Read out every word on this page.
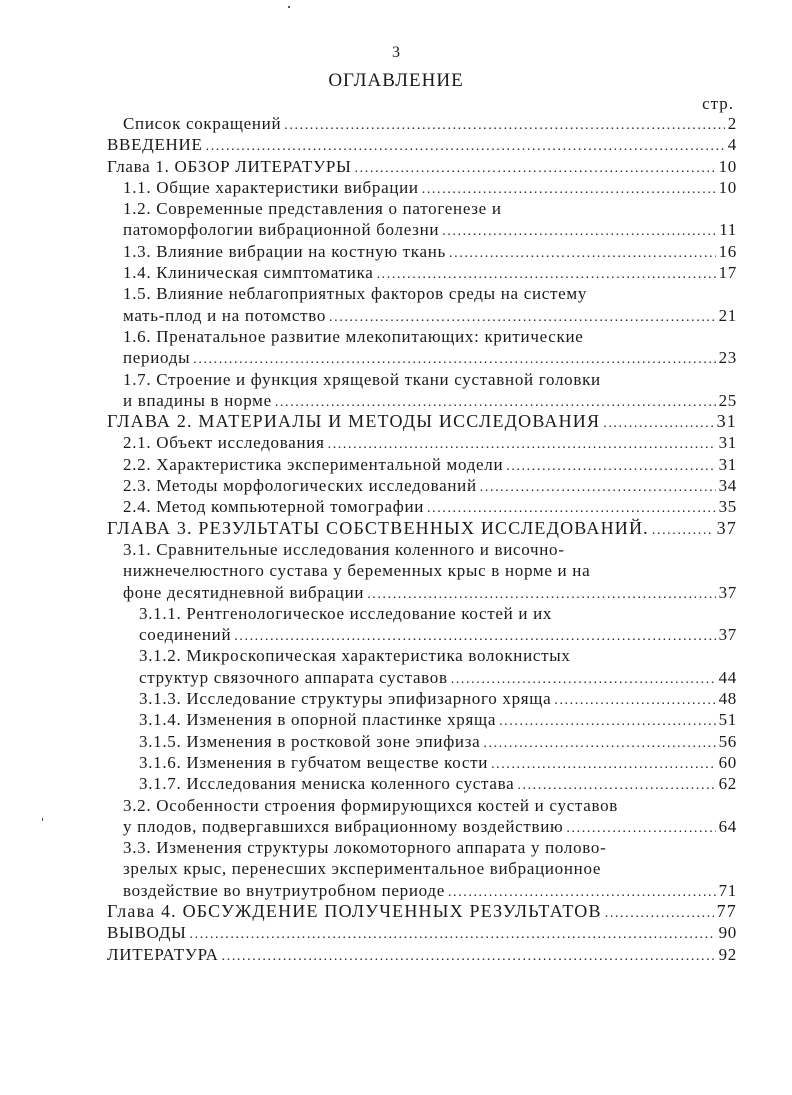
3
ОГЛАВЛЕНИЕ
стр.
Список сокращений .....	2
ВВЕДЕНИЕ .....	4
Глава 1. ОБЗОР ЛИТЕРАТУРЫ .....	10
1.1. Общие характеристики вибрации .....	10
1.2. Современные представления о патогенезе и
патоморфологии вибрационной болезни .....	11
1.3. Влияние вибрации на костную ткань .....	16
1.4. Клиническая симптоматика .....	17
1.5. Влияние неблагоприятных факторов среды на систему
мать-плод и на потомство .....	21
1.6. Пренатальное развитие млекопитающих: критические
периоды .....	23
1.7. Строение и функция хрящевой ткани суставной головки
и впадины в норме .....	25
ГЛАВА 2. МАТЕРИАЛЫ И МЕТОДЫ ИССЛЕДОВАНИЯ .....	31
2.1. Объект исследования .....	31
2.2. Характеристика экспериментальной модели .....	31
2.3. Методы морфологических исследований .....	34
2.4. Метод компьютерной томографии .....	35
ГЛАВА 3. РЕЗУЛЬТАТЫ СОБСТВЕННЫХ ИССЛЕДОВАНИЙ. .....	37
3.1. Сравнительные исследования коленного и височно-
нижнечелюстного сустава у беременных крыс в норме и на
фоне десятидневной вибрации .....	37
3.1.1. Рентгенологическое исследование костей и их
соединений .....	37
3.1.2. Микроскопическая характеристика волокнистых
структур связочного аппарата суставов .....	44
3.1.3. Исследование структуры эпифизарного хряща .....	48
3.1.4. Изменения в опорной пластинке хряща .....	51
3.1.5. Изменения в ростковой зоне эпифиза .....	56
3.1.6. Изменения в губчатом веществе кости .....	60
3.1.7. Исследования мениска коленного сустава .....	62
3.2. Особенности строения формирующихся костей и суставов
у плодов, подвергавшихся вибрационному воздействию .....	64
3.3. Изменения структуры локомоторного аппарата у полово-
зрелых крыс, перенесших экспериментальное вибрационное
воздействие во внутриутробном периоде .....	71
Глава 4. ОБСУЖДЕНИЕ ПОЛУЧЕННЫХ РЕЗУЛЬТАТОВ .....	77
ВЫВОДЫ .....	90
ЛИТЕРАТУРА .....	92
